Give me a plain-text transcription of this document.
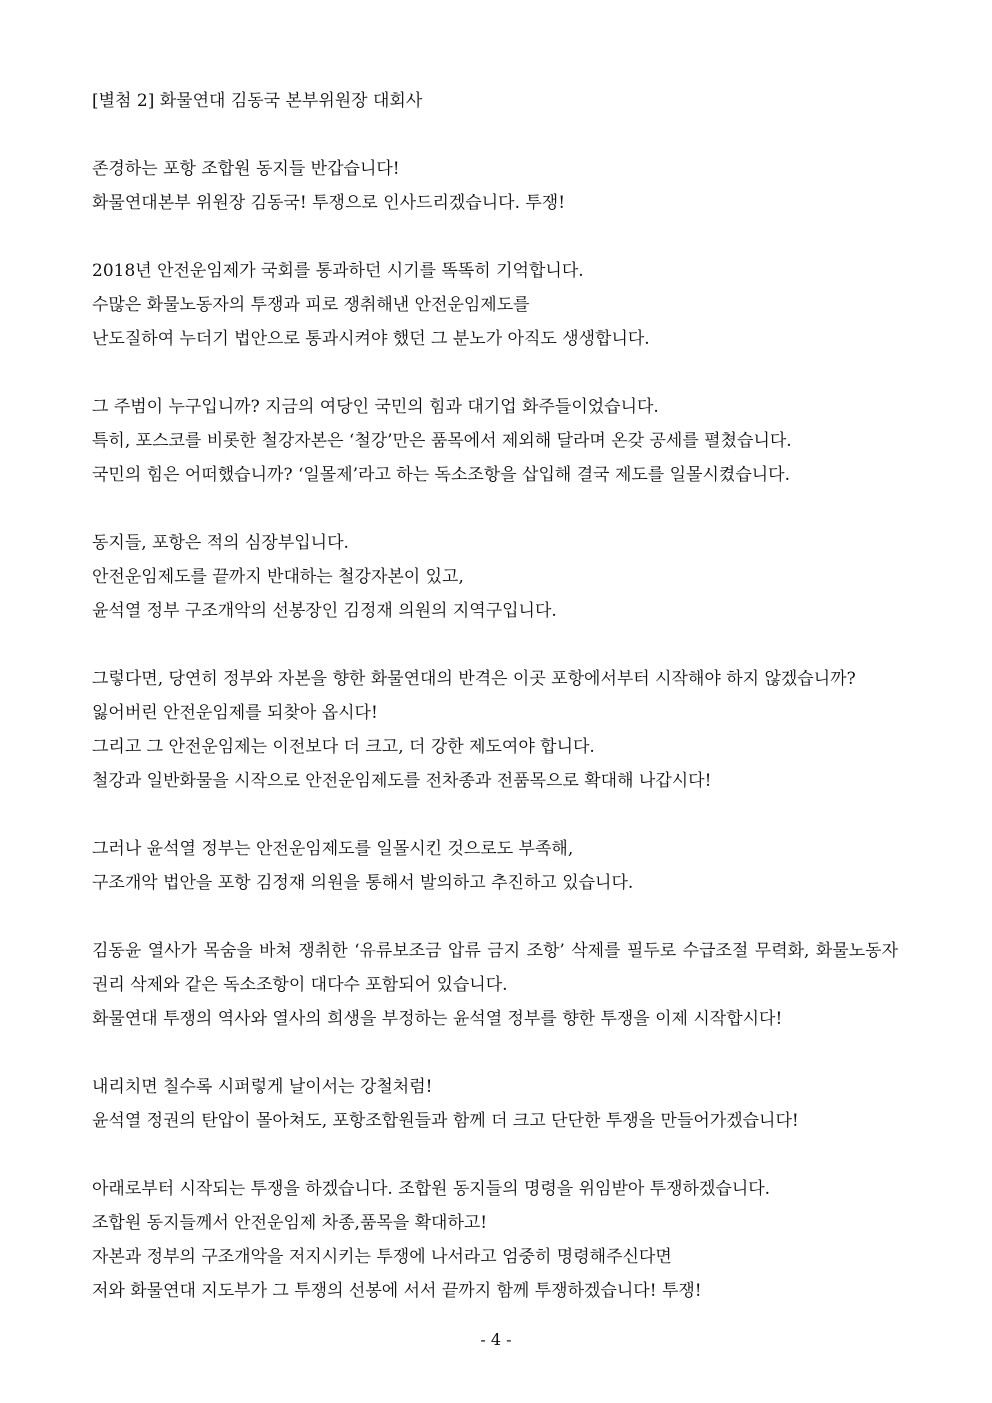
[별첨 2] 화물연대 김동국 본부위원장 대회사

존경하는 포항 조합원 동지들 반갑습니다!
화물연대본부 위원장 김동국! 투쟁으로 인사드리겠습니다. 투쟁!
2018년 안전운임제가 국회를 통과하던 시기를 똑똑히 기억합니다.
수많은 화물노동자의 투쟁과 피로 쟁취해낸 안전운임제도를
난도질하여 누더기 법안으로 통과시켜야 했던 그 분노가 아직도 생생합니다.
그 주범이 누구입니까? 지금의 여당인 국민의 힘과 대기업 화주들이었습니다.
특히, 포스코를 비롯한 철강자본은 ‘철강’만은 품목에서 제외해 달라며 온갖 공세를 펼쳤습니다.
국민의 힘은 어떠했습니까? ‘일몰제’라고 하는 독소조항을 삽입해 결국 제도를 일몰시켰습니다.
동지들, 포항은 적의 심장부입니다.
안전운임제도를 끝까지 반대하는 철강자본이 있고,
윤석열 정부 구조개악의 선봉장인 김정재 의원의 지역구입니다.
그렇다면, 당연히 정부와 자본을 향한 화물연대의 반격은 이곳 포항에서부터 시작해야 하지 않겠습니까?
잃어버린 안전운임제를 되찾아 옵시다!
그리고 그 안전운임제는 이전보다 더 크고, 더 강한 제도여야 합니다.
철강과 일반화물을 시작으로 안전운임제도를 전차종과 전품목으로 확대해 나갑시다!
그러나 윤석열 정부는 안전운임제도를 일몰시킨 것으로도 부족해,
구조개악 법안을 포항 김정재 의원을 통해서 발의하고 추진하고 있습니다.
김동윤 열사가 목숨을 바쳐 쟁취한 ‘유류보조금 압류 금지 조항’ 삭제를 필두로 수급조절 무력화, 화물노동자 권리 삭제와 같은 독소조항이 대다수 포함되어 있습니다.
화물연대 투쟁의 역사와 열사의 희생을 부정하는 윤석열 정부를 향한 투쟁을 이제 시작합시다!
내리치면 칠수록 시퍼렇게 날이서는 강철처럼!
윤석열 정권의 탄압이 몰아쳐도, 포항조합원들과 함께 더 크고 단단한 투쟁을 만들어가겠습니다!
아래로부터 시작되는 투쟁을 하겠습니다. 조합원 동지들의 명령을 위임받아 투쟁하겠습니다.
조합원 동지들께서 안전운임제 차종,품목을 확대하고!
자본과 정부의 구조개악을 저지시키는 투쟁에 나서라고 엄중히 명령해주신다면
저와 화물연대 지도부가 그 투쟁의 선봉에 서서 끝까지 함께 투쟁하겠습니다! 투쟁!
- 4 -
